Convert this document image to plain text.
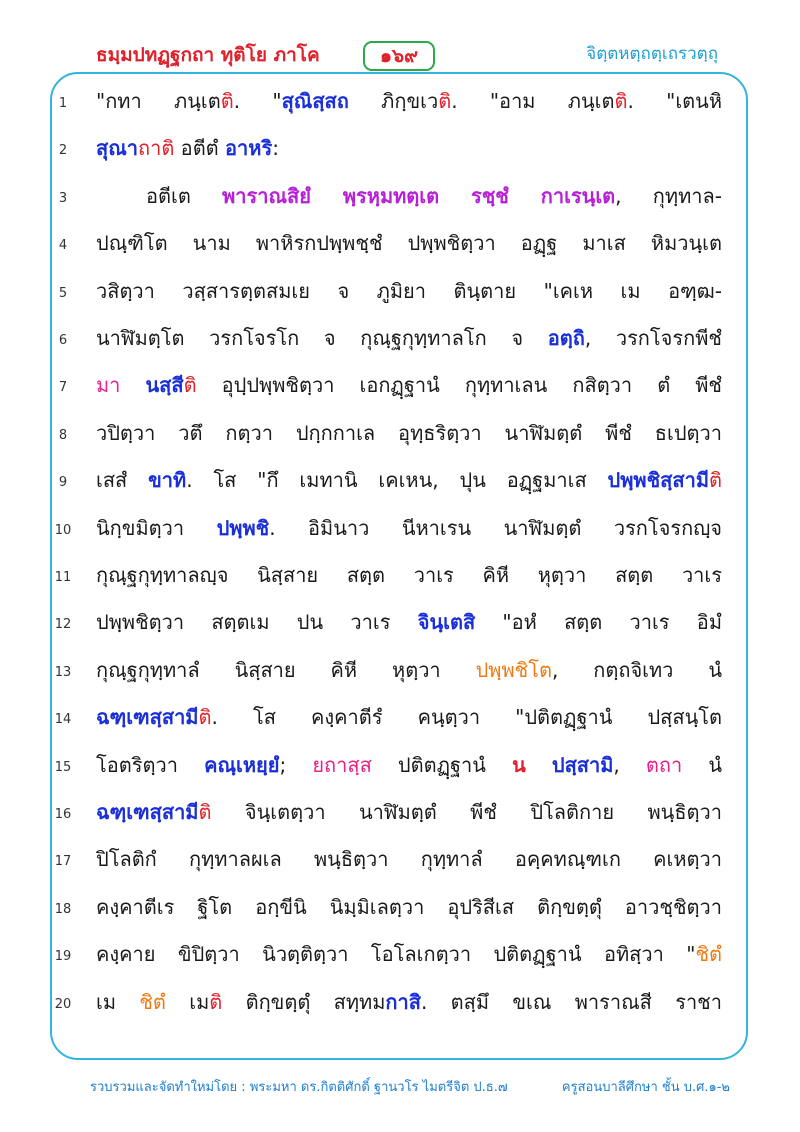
ธมฺมปทฏฺฐกถา ทุติโย ภาโค	๑๖๙	จิตฺตหตฺถตฺเถรวตฺถุ
1	"กทา ภนฺเตติ. "สุณิสฺสถ ภิกฺขเวติ. "อาม ภนฺเตติ. "เตนหิ
2	สุณาถาติ อตีตํ อาหริ:
3	อตีเต พาราณสิยํ พฺรหฺมทตฺเต รชฺชํ กาเรนฺเต, กุทฺทาล-
4	ปณฺฑิโต นาม พาหิรกปพฺพชฺชํ ปพฺพชิตฺวา อฏฺฐ มาเส หิมวนฺเต
5	วสิตฺวา วสฺสารตฺตสมเย จ ภูมิยา ตินฺตาย "เคเห เม อฑฺฒ-
6	นาฬิมตฺโต วรกโจรโก จ กุณฺฐกุทฺทาลโก จ อตฺถิ, วรกโจรกพีชํ
7	มา นสฺสีติ อุปฺปพฺพชิตฺวา เอกฏฺฐานํ กุทฺทาเลน กสิตฺวา ตํ พีชํ
8	วปิตฺวา วตึ กตฺวา ปกฺกกาเล อุทฺธริตฺวา นาฬิมตฺตํ พีชํ ธเปตฺวา
9	เสสํ ขาทิ. โส "กึ เมทานิ เคเหน, ปุน อฏฺฐมาเส ปพฺพชิสฺสามีติ
10 นิกฺขมิตฺวา ปพฺพชิ. อิมินาว นีหาเรน นาฬิมตฺตํ วรกโจรกญฺจ
11 กุณฺฐกุทฺทาลญฺจ นิสฺสาย สตฺต วาเร คิหี หุตฺวา สตฺต วาเร
12 ปพฺพชิตฺวา สตฺตเม ปน วาเร จินฺเตสิ "อหํ สตฺต วาเร อิมํ
13 กุณฺฐกุทฺทาลํ นิสฺสาย คิหี หุตฺวา ปพฺพชิโต, กตฺถจิเทว นํ
14 ฉฑฺเฑสฺสามีติ. โส คงฺคาตีรํ คนฺตฺวา "ปติตฏฺฐานํ ปสฺสนฺโต
15 โอตริตฺวา คณฺเหยฺยํ; ยถาสฺส ปติตฏฺฐานํ น ปสฺสามิ, ตถา นํ
16 ฉฑฺเฑสฺสามีติ จินฺเตตฺวา นาฬิมตฺตํ พีชํ ปิโลติกาย พนฺธิตฺวา
17 ปิโลติกํ กุทฺทาลผเล พนฺธิตฺวา กุทฺทาลํ อคฺคทณฺฑเก คเหตฺวา
18 คงฺคาตีเร ฐิโต อกฺขีนิ นิมฺมิเลตฺวา อุปริสีเส ติกฺขตฺตุํ อาวชฺชิตฺวา
19 คงฺคาย ขิปิตฺวา นิวตฺติตฺวา โอโลเกตฺวา ปติตฏฺฐานํ อทิสฺวา "ชิตํ
20 เม ชิตํ เมติ ติกฺขตฺตุํ สทฺทมกาสิ. ตสฺมึ ขเณ พาราณสี ราชา
รวบรวมและจัดทำใหม่โดย : พระมหา ดร.กิตติศักดิ์ ฐานวโร ไมตรีจิต ป.ธ.๗	ครูสอนบาลีศึกษา ชั้น บ.ศ.๑-๒
